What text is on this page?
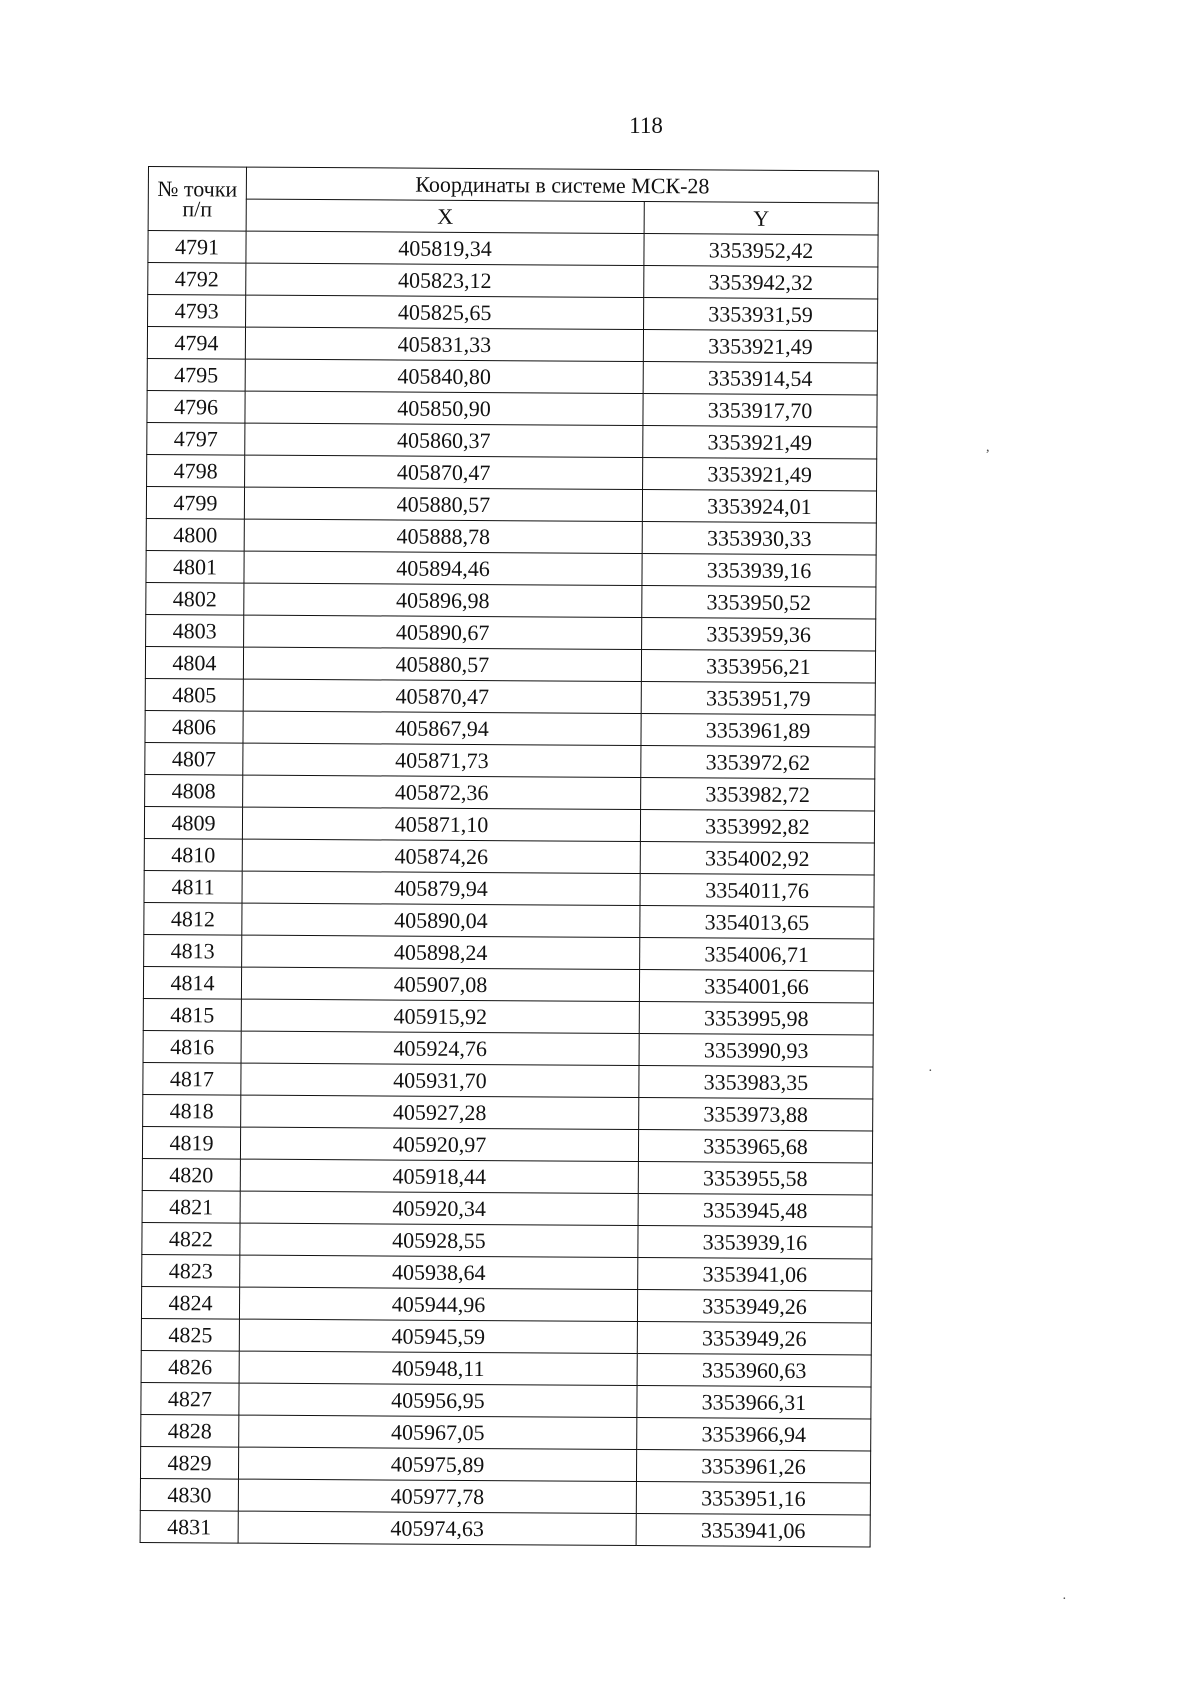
118
№ точки п/п	Координаты в системе МСК-28	
	X	Y
4791	405819,34	3353952,42
4792	405823,12	3353942,32
4793	405825,65	3353931,59
4794	405831,33	3353921,49
4795	405840,80	3353914,54
4796	405850,90	3353917,70
4797	405860,37	3353921,49
4798	405870,47	3353921,49
4799	405880,57	3353924,01
4800	405888,78	3353930,33
4801	405894,46	3353939,16
4802	405896,98	3353950,52
4803	405890,67	3353959,36
4804	405880,57	3353956,21
4805	405870,47	3353951,79
4806	405867,94	3353961,89
4807	405871,73	3353972,62
4808	405872,36	3353982,72
4809	405871,10	3353992,82
4810	405874,26	3354002,92
4811	405879,94	3354011,76
4812	405890,04	3354013,65
4813	405898,24	3354006,71
4814	405907,08	3354001,66
4815	405915,92	3353995,98
4816	405924,76	3353990,93
4817	405931,70	3353983,35
4818	405927,28	3353973,88
4819	405920,97	3353965,68
4820	405918,44	3353955,58
4821	405920,34	3353945,48
4822	405928,55	3353939,16
4823	405938,64	3353941,06
4824	405944,96	3353949,26
4825	405945,59	3353949,26
4826	405948,11	3353960,63
4827	405956,95	3353966,31
4828	405967,05	3353966,94
4829	405975,89	3353961,26
4830	405977,78	3353951,16
4831	405974,63	3353941,06
,
·
·
